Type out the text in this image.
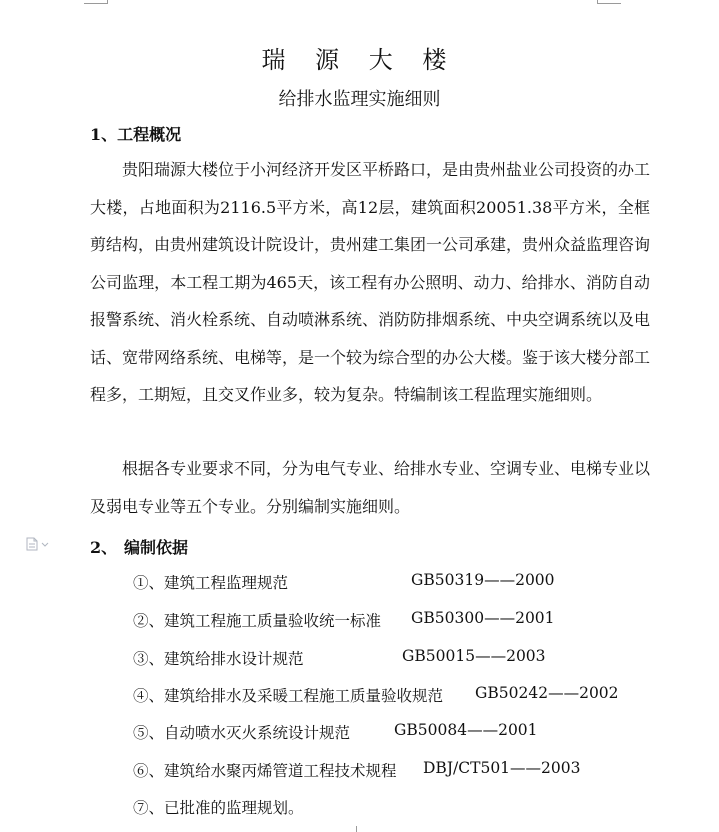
瑞 源 大 楼
给排水监理实施细则
1、工程概况
贵阳瑞源大楼位于小河经济开发区平桥路口，是由贵州盐业公司投资的办工大楼，占地面积为2116.5平方米，高12层，建筑面积20051.38平方米，全框剪结构，由贵州建筑设计院设计，贵州建工集团一公司承建，贵州众益监理咨询公司监理，本工程工期为465天，该工程有办公照明、动力、给排水、消防自动报警系统、消火栓系统、自动喷淋系统、消防防排烟系统、中央空调系统以及电话、宽带网络系统、电梯等，是一个较为综合型的办公大楼。鉴于该大楼分部工程多，工期短，且交叉作业多，较为复杂。特编制该工程监理实施细则。
根据各专业要求不同，分为电气专业、给排水专业、空调专业、电梯专业以及弱电专业等五个专业。分别编制实施细则。
2、 编制依据
①、建筑工程监理规范	GB50319——2000
②、建筑工程施工质量验收统一标准 GB50300——2001
③、建筑给排水设计规范	GB50015——2003
④、建筑给排水及采暖工程施工质量验收规范 GB50242——2002
⑤、自动喷水灭火系统设计规范	GB50084——2001
⑥、建筑给水聚丙烯管道工程技术规程 DBJ/CT501——2003
⑦、已批准的监理规划。
